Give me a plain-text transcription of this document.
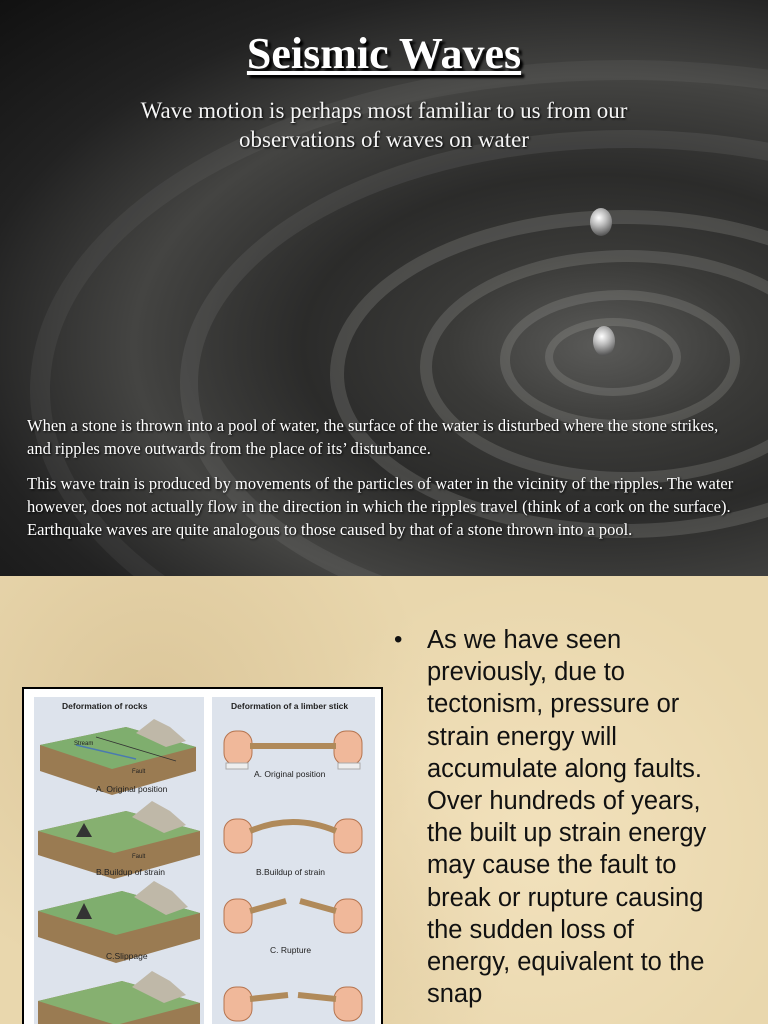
Seismic Waves
Wave motion is perhaps most familiar to us from our observations of waves on water
When a stone is thrown into a pool of water, the surface of the water is disturbed where the stone strikes, and ripples move outwards from the place of its’ disturbance.
This wave train is produced by movements of the particles of water in the vicinity of the ripples. The water however, does not actually flow in the direction in which the ripples travel (think of a cork on the surface). Earthquake waves are quite analogous to those caused by that of a stone thrown into a pool.
Deformation of rocks	Deformation of a limber stick
Stream
Fault
Fault
A. Original position
B.Buildup of strain
C.Slippage
A. Original position
B.Buildup of strain
C. Rupture
• As we have seen previously, due to tectonism, pressure or strain energy will accumulate along faults. Over hundreds of years, the built up strain energy may cause the fault to break or rupture causing the sudden loss of energy, equivalent to the snap
